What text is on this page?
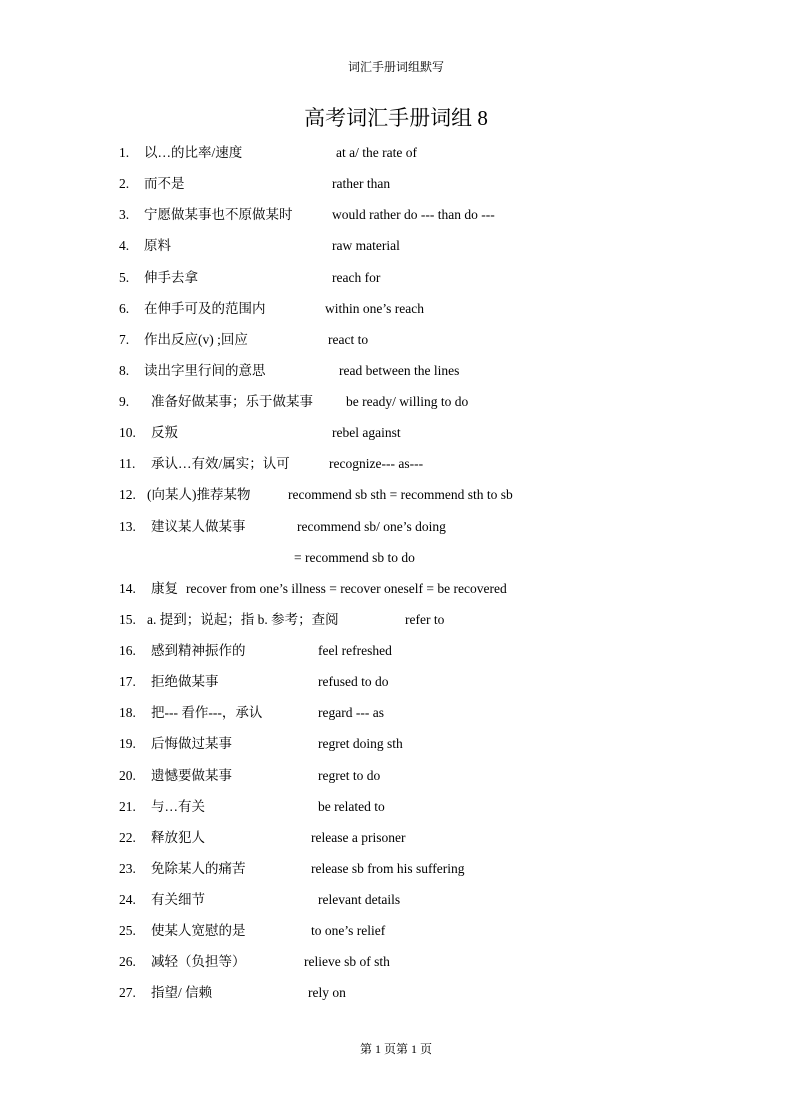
词汇手册词组默写
高考词汇手册词组 8
1. 以…的比率/速度	at a/ the rate of
2. 而不是	rather than
3. 宁愿做某事也不原做某时	would rather do --- than do ---
4. 原料	raw material
5. 伸手去拿	reach for
6. 在伸手可及的范围内	within one’s reach
7. 作出反应(v) ;回应	react to
8. 读出字里行间的意思	read between the lines
9. 准备好做某事；乐于做某事 be ready/ willing to do
10. 反叛	rebel against
11. 承认…有效/属实；认可	recognize--- as---
12. (向某人)推荐某物	recommend sb sth = recommend sth to sb
13. 建议某人做某事	recommend sb/ one’s doing
= recommend sb to do
14. 康复 recover from one’s illness = recover oneself = be recovered
15. a. 提到；说起；指 b. 参考；查阅	refer to
16. 感到精神振作的	feel refreshed
17. 拒绝做某事	refused to do
18. 把--- 看作---，承认	regard --- as
19. 后悔做过某事	regret doing sth
20. 遗憾要做某事	regret to do
21. 与…有关	be related to
22. 释放犯人	release a prisoner
23. 免除某人的痛苦	release sb from his suffering
24. 有关细节	relevant details
25. 使某人宽慰的是	to one’s relief
26. 减轻（负担等）	relieve sb of sth
27. 指望/ 信赖	rely on
第 1 页第 1 页
